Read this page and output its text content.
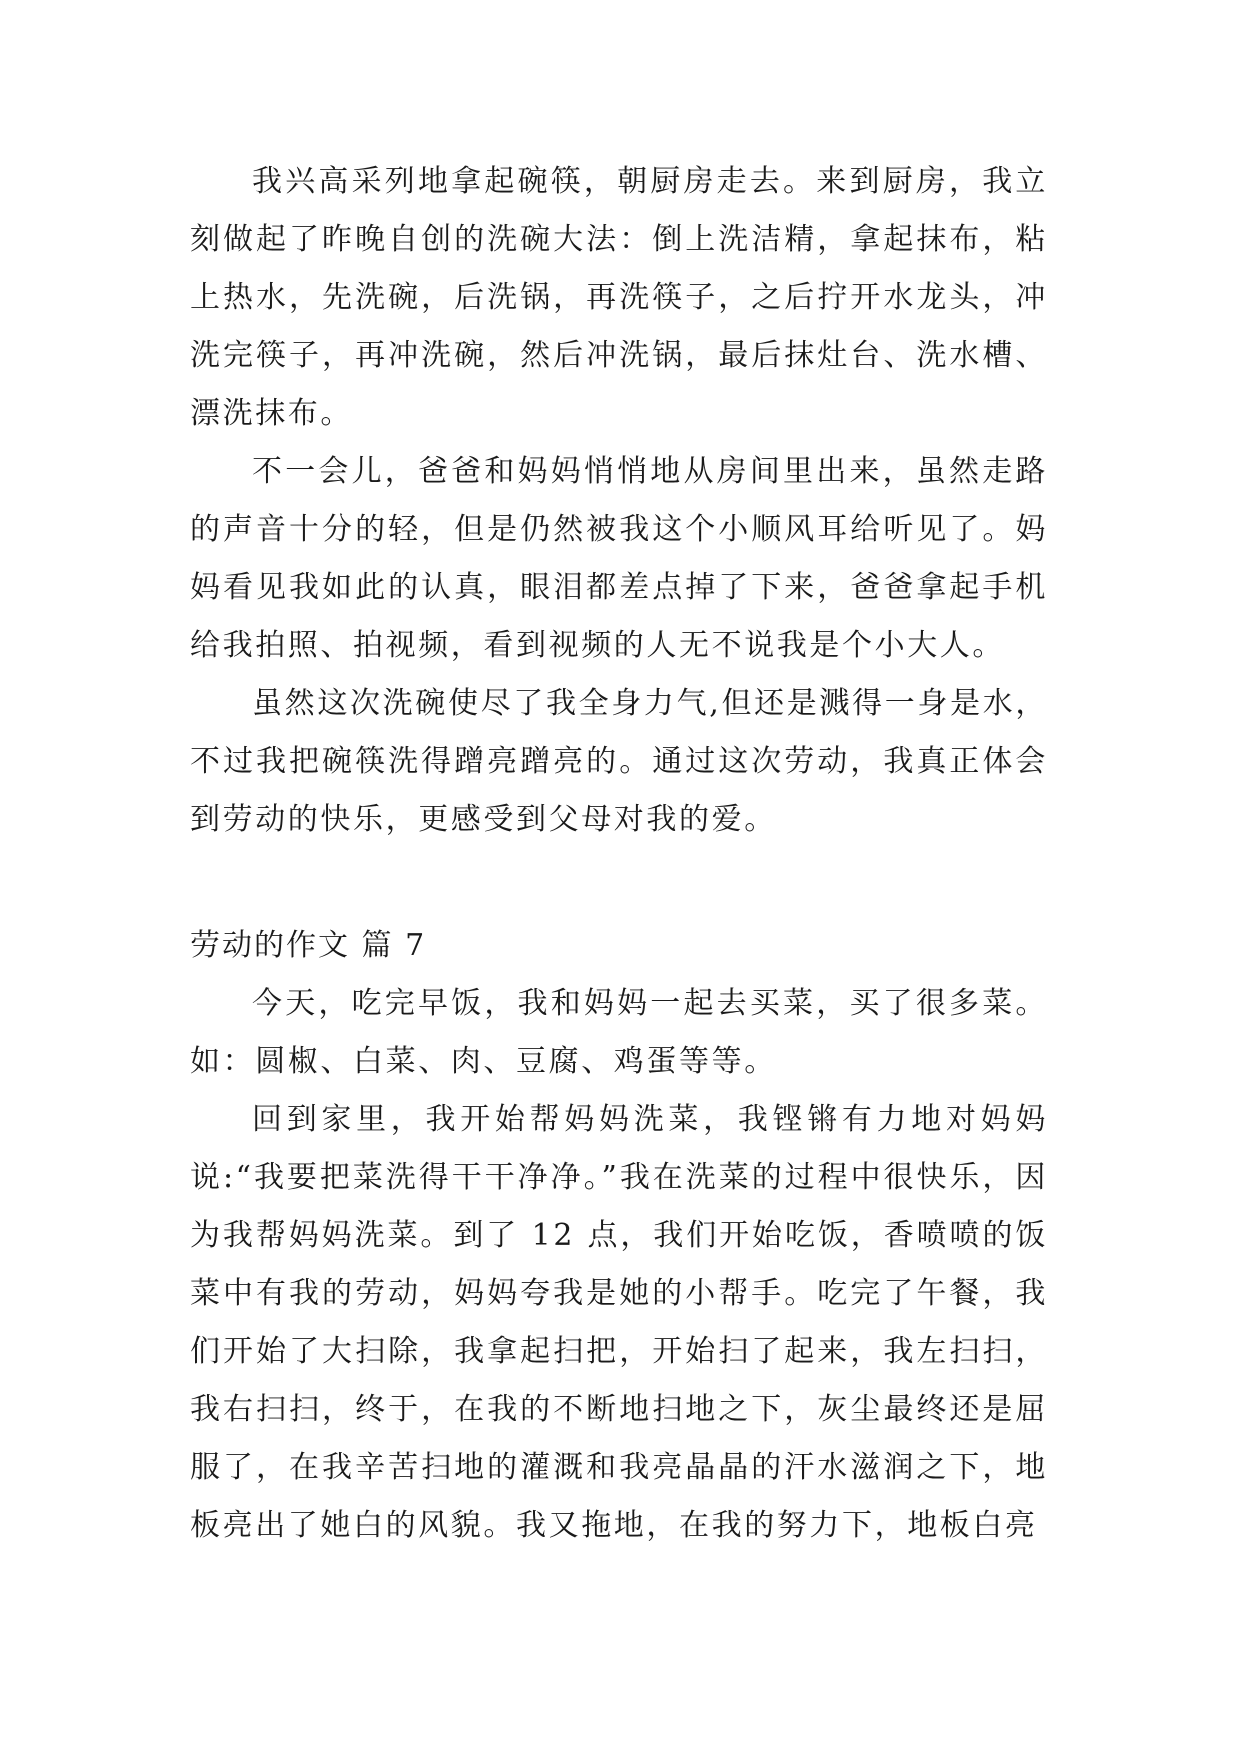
我兴高采列地拿起碗筷，朝厨房走去。来到厨房，我立刻做起了昨晚自创的洗碗大法：倒上洗洁精，拿起抹布，粘上热水，先洗碗，后洗锅，再洗筷子，之后拧开水龙头，冲洗完筷子，再冲洗碗，然后冲洗锅，最后抹灶台、洗水槽、漂洗抹布。

不一会儿，爸爸和妈妈悄悄地从房间里出来，虽然走路的声音十分的轻，但是仍然被我这个小顺风耳给听见了。妈妈看见我如此的认真，眼泪都差点掉了下来，爸爸拿起手机给我拍照、拍视频，看到视频的人无不说我是个小大人。

虽然这次洗碗使尽了我全身力气,但还是溅得一身是水，不过我把碗筷洗得蹭亮蹭亮的。通过这次劳动，我真正体会到劳动的快乐，更感受到父母对我的爱。

劳动的作文 篇 7

今天，吃完早饭，我和妈妈一起去买菜，买了很多菜。如：圆椒、白菜、肉、豆腐、鸡蛋等等。

回到家里，我开始帮妈妈洗菜，我铿锵有力地对妈妈说:“我要把菜洗得干干净净。”我在洗菜的过程中很快乐，因为我帮妈妈洗菜。到了 12 点，我们开始吃饭，香喷喷的饭菜中有我的劳动，妈妈夸我是她的小帮手。吃完了午餐，我们开始了大扫除，我拿起扫把，开始扫了起来，我左扫扫，我右扫扫，终于，在我的不断地扫地之下，灰尘最终还是屈服了，在我辛苦扫地的灌溉和我亮晶晶的汗水滋润之下，地板亮出了她白的风貌。我又拖地，在我的努力下，地板白亮
